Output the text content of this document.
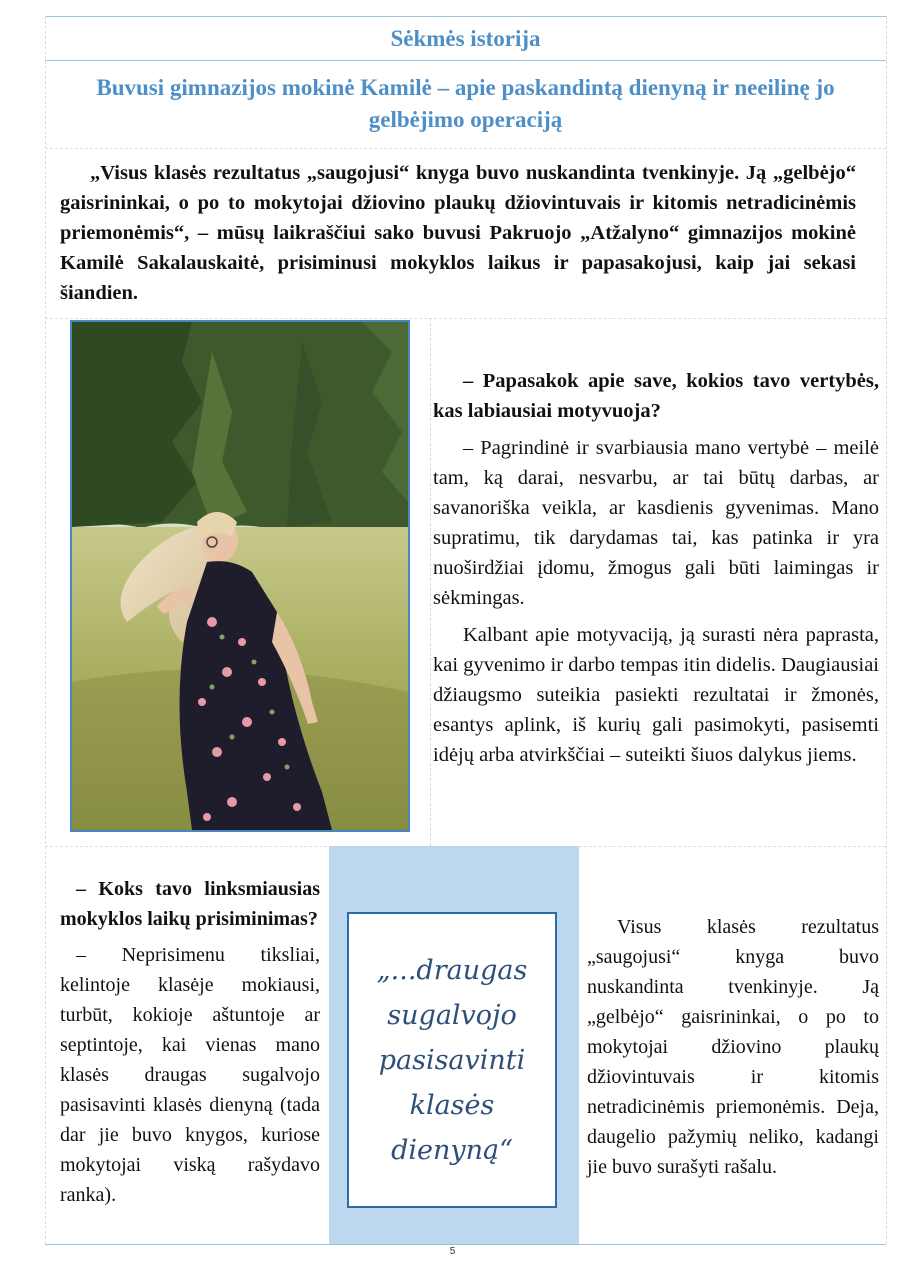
Sėkmės istorija
Buvusi gimnazijos mokinė Kamilė – apie paskandintą dienyną ir neeilinę jo gelbėjimo operaciją

„Visus klasės rezultatus „saugojusi“ knyga buvo nuskandinta tvenkinyje. Ją „gelbėjo“ gaisrininkai, o po to mokytojai džiovino plaukų džiovintuvais ir kitomis netradicinėmis priemonėmis“, – mūsų laikraščiui sako buvusi Pakruojo „Atžalyno“ gimnazijos mokinė Kamilė Sakalauskaitė, prisiminusi mokyklos laikus ir papasakojusi, kaip jai sekasi šiandien.

– Papasakok apie save, kokios tavo vertybės, kas labiausiai motyvuoja?

– Pagrindinė ir svarbiausia mano vertybė – meilė tam, ką darai, nesvarbu, ar tai būtų darbas, ar savanoriška veikla, ar kasdienis gyvenimas. Mano supratimu, tik darydamas tai, kas patinka ir yra nuoširdžiai įdomu, žmogus gali būti laimingas ir sėkmingas.

Kalbant apie motyvaciją, ją surasti nėra paprasta, kai gyvenimo ir darbo tempas itin didelis. Daugiausiai džiaugsmo suteikia pasiekti rezultatai ir žmonės, esantys aplink, iš kurių gali pasimokyti, pasisemti idėjų arba atvirkščiai – suteikti šiuos dalykus jiems.

– Koks tavo linksmiausias mokyklos laikų prisiminimas?

– Neprisimenu tiksliai, kelintoje klasėje mokiausi, turbūt, kokioje aštuntoje ar septintoje, kai vienas mano klasės draugas sugalvojo pasisavinti klasės dienyną (tada dar jie buvo knygos, kuriose mokytojai viską rašydavo ranka).

„...draugas sugalvojo pasisavinti klasės dienyną“

Visus klasės rezultatus „saugojusi“ knyga buvo nuskandinta tvenkinyje. Ją „gelbėjo“ gaisrininkai, o po to mokytojai džiovino plaukų džiovintuvais ir kitomis netradicinėmis priemonėmis. Deja, daugelio pažymių neliko, kadangi jie buvo surašyti rašalu.

5
